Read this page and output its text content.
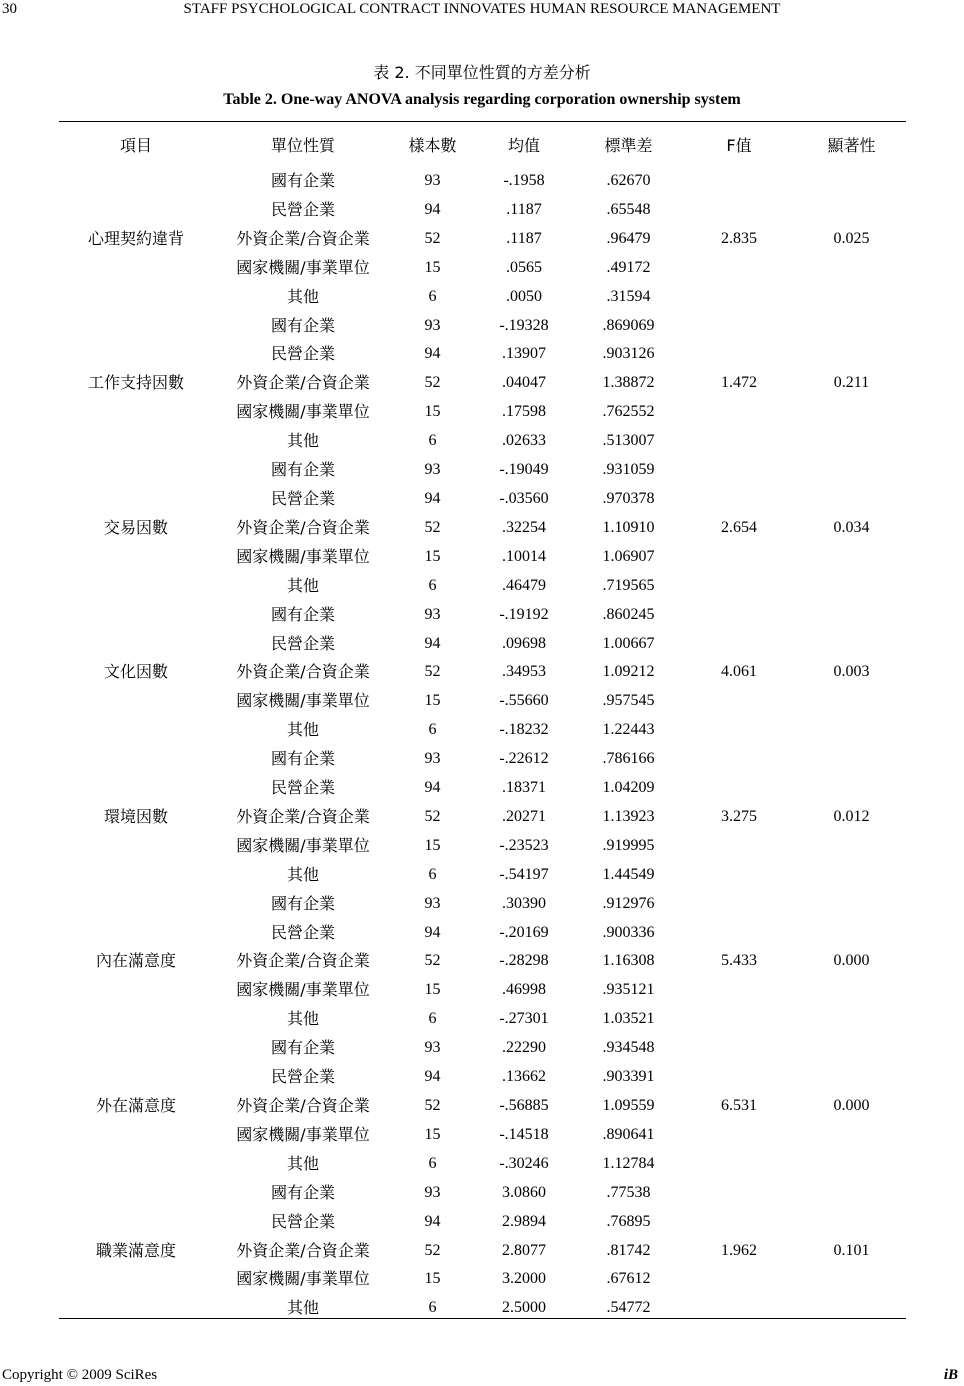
30	STAFF PSYCHOLOGICAL CONTRACT INNOVATES HUMAN RESOURCE MANAGEMENT
表 2. 不同單位性質的方差分析
Table 2. One-way ANOVA analysis regarding corporation ownership system
項目	單位性質	樣本數	均值	標準差	F值	顯著性
心理契約違背	國有企業	93	-.1958	.62670	2.835	0.025
	民營企業	94	.1187	.65548		
	外資企業/合資企業	52	.1187	.96479		
	國家機關/事業單位	15	.0565	.49172		
	其他	6	.0050	.31594		
工作支持因數	國有企業	93	-.19328	.869069	1.472	0.211
	民營企業	94	.13907	.903126		
	外資企業/合資企業	52	.04047	1.38872		
	國家機關/事業單位	15	.17598	.762552		
	其他	6	.02633	.513007		
交易因數	國有企業	93	-.19049	.931059	2.654	0.034
	民營企業	94	-.03560	.970378		
	外資企業/合資企業	52	.32254	1.10910		
	國家機關/事業單位	15	.10014	1.06907		
	其他	6	.46479	.719565		
文化因數	國有企業	93	-.19192	.860245	4.061	0.003
	民營企業	94	.09698	1.00667		
	外資企業/合資企業	52	.34953	1.09212		
	國家機關/事業單位	15	-.55660	.957545		
	其他	6	-.18232	1.22443		
環境因數	國有企業	93	-.22612	.786166	3.275	0.012
	民營企業	94	.18371	1.04209		
	外資企業/合資企業	52	.20271	1.13923		
	國家機關/事業單位	15	-.23523	.919995		
	其他	6	-.54197	1.44549		
內在滿意度	國有企業	93	.30390	.912976	5.433	0.000
	民營企業	94	-.20169	.900336		
	外資企業/合資企業	52	-.28298	1.16308		
	國家機關/事業單位	15	.46998	.935121		
	其他	6	-.27301	1.03521		
外在滿意度	國有企業	93	.22290	.934548	6.531	0.000
	民營企業	94	.13662	.903391		
	外資企業/合資企業	52	-.56885	1.09559		
	國家機關/事業單位	15	-.14518	.890641		
	其他	6	-.30246	1.12784		
職業滿意度	國有企業	93	3.0860	.77538	1.962	0.101
	民營企業	94	2.9894	.76895		
	外資企業/合資企業	52	2.8077	.81742		
	國家機關/事業單位	15	3.2000	.67612		
	其他	6	2.5000	.54772		
Copyright © 2009 SciRes	iB
